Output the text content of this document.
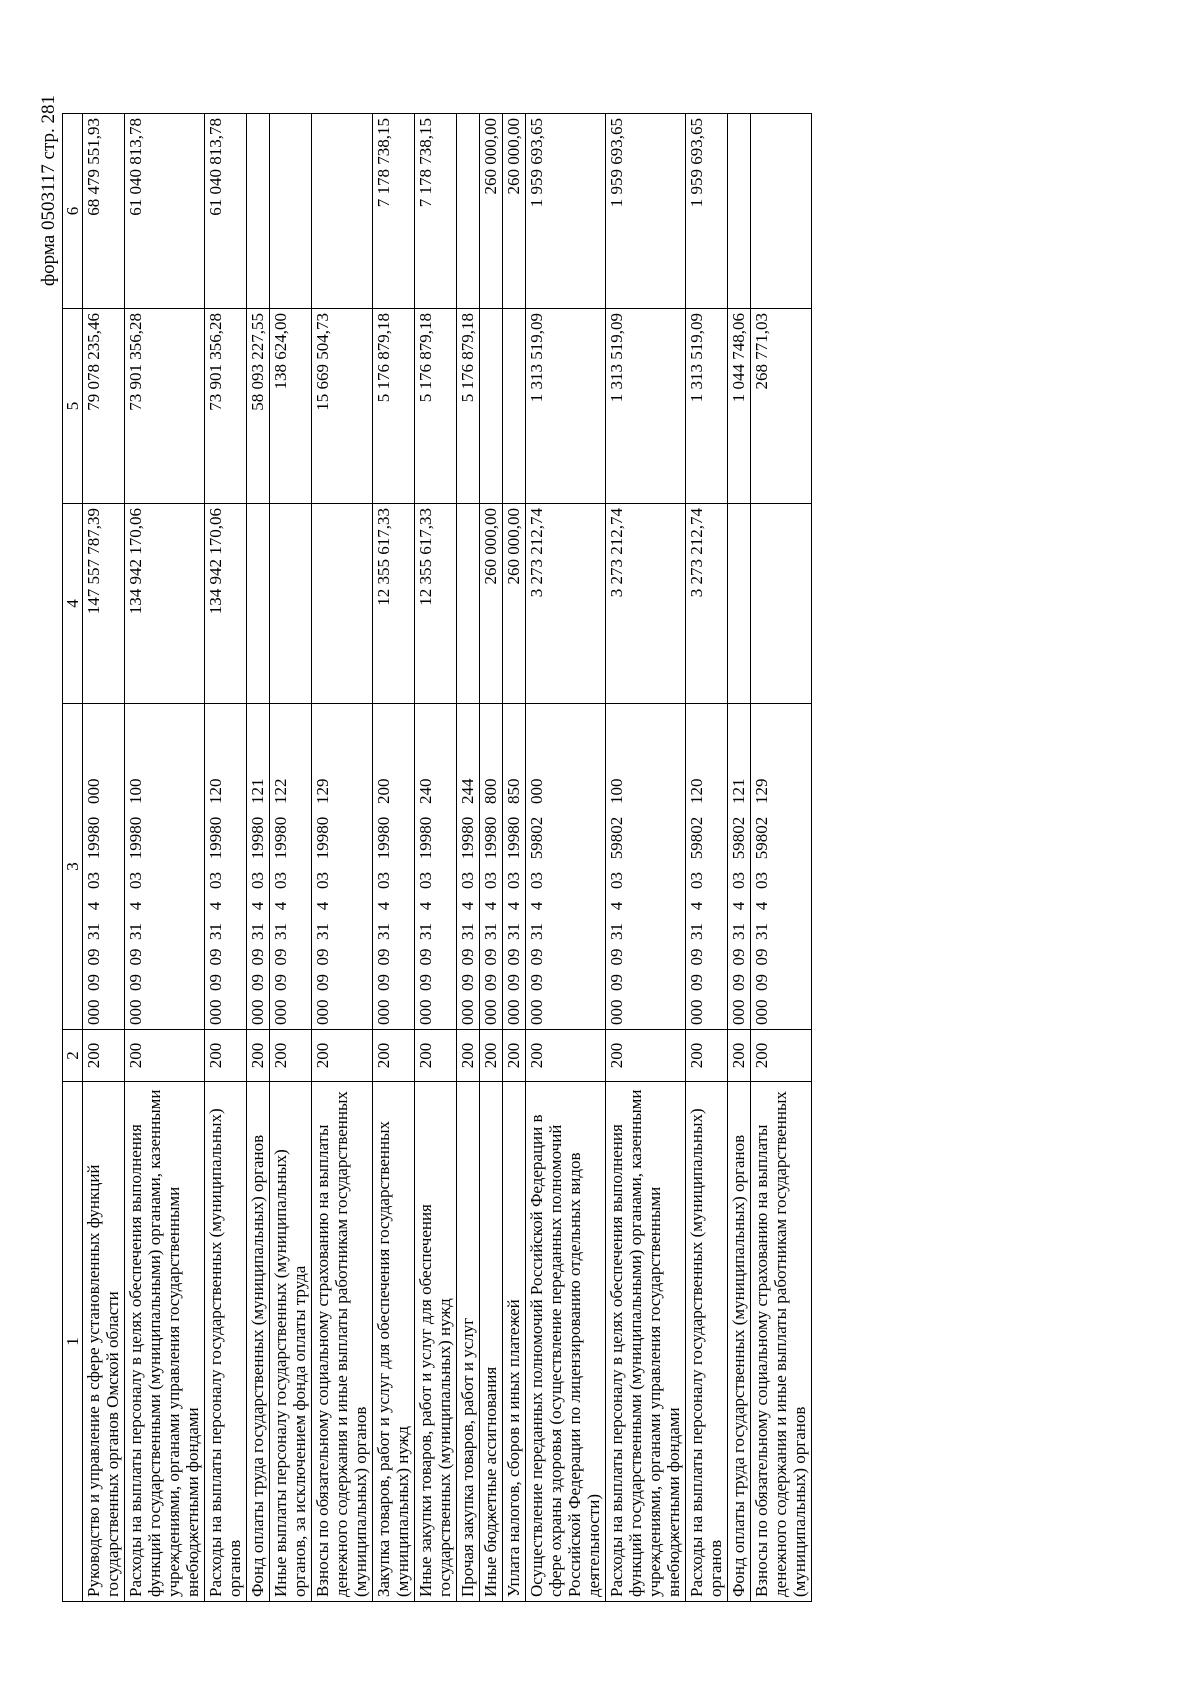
форма 0503117 стр. 281
1	2	3	4	5	6
Руководство и управление в сфере установленных функций государственных органов Омской области	200	000  09  09  31   4   03   19980   000	147 557 787,39	79 078 235,46	68 479 551,93
Расходы на выплаты персоналу в целях обеспечения выполнения функций государственными (муниципальными) органами, казенными учреждениями, органами управления государственными внебюджетными фондами	200	000  09  09  31   4   03   19980   100	134 942 170,06	73 901 356,28	61 040 813,78
Расходы на выплаты персоналу государственных (муниципальных) органов	200	000  09  09  31   4   03   19980   120	134 942 170,06	73 901 356,28	61 040 813,78
Фонд оплаты труда государственных (муниципальных) органов	200	000  09  09  31   4   03   19980   121		58 093 227,55	
Иные выплаты персоналу государственных (муниципальных) органов, за исключением фонда оплаты труда	200	000  09  09  31   4   03   19980   122		138 624,00	
Взносы по обязательному социальному страхованию на выплаты денежного содержания и иные выплаты работникам государственных (муниципальных) органов	200	000  09  09  31   4   03   19980   129		15 669 504,73	
Закупка товаров, работ и услуг для обеспечения государственных (муниципальных) нужд	200	000  09  09  31   4   03   19980   200	12 355 617,33	5 176 879,18	7 178 738,15
Иные закупки товаров, работ и услуг для обеспечения государственных (муниципальных) нужд	200	000  09  09  31   4   03   19980   240	12 355 617,33	5 176 879,18	7 178 738,15
Прочая закупка товаров, работ и услуг	200	000  09  09  31   4   03   19980   244		5 176 879,18	
Иные бюджетные ассигнования	200	000  09  09  31   4   03   19980   800	260 000,00		260 000,00
Уплата налогов, сборов и иных платежей	200	000  09  09  31   4   03   19980   850	260 000,00		260 000,00
Осуществление переданных полномочий Российской Федерации в сфере охраны здоровья (осуществление переданных полномочий Российской Федерации по лицензированию отдельных видов деятельности)	200	000  09  09  31   4   03   59802   000	3 273 212,74	1 313 519,09	1 959 693,65
Расходы на выплаты персоналу в целях обеспечения выполнения функций государственными (муниципальными) органами, казенными учреждениями, органами управления государственными внебюджетными фондами	200	000  09  09  31   4   03   59802   100	3 273 212,74	1 313 519,09	1 959 693,65
Расходы на выплаты персоналу государственных (муниципальных) органов	200	000  09  09  31   4   03   59802   120	3 273 212,74	1 313 519,09	1 959 693,65
Фонд оплаты труда государственных (муниципальных) органов	200	000  09  09  31   4   03   59802   121		1 044 748,06	
Взносы по обязательному социальному страхованию на выплаты денежного содержания и иные выплаты работникам государственных (муниципальных) органов	200	000  09  09  31   4   03   59802   129		268 771,03	
